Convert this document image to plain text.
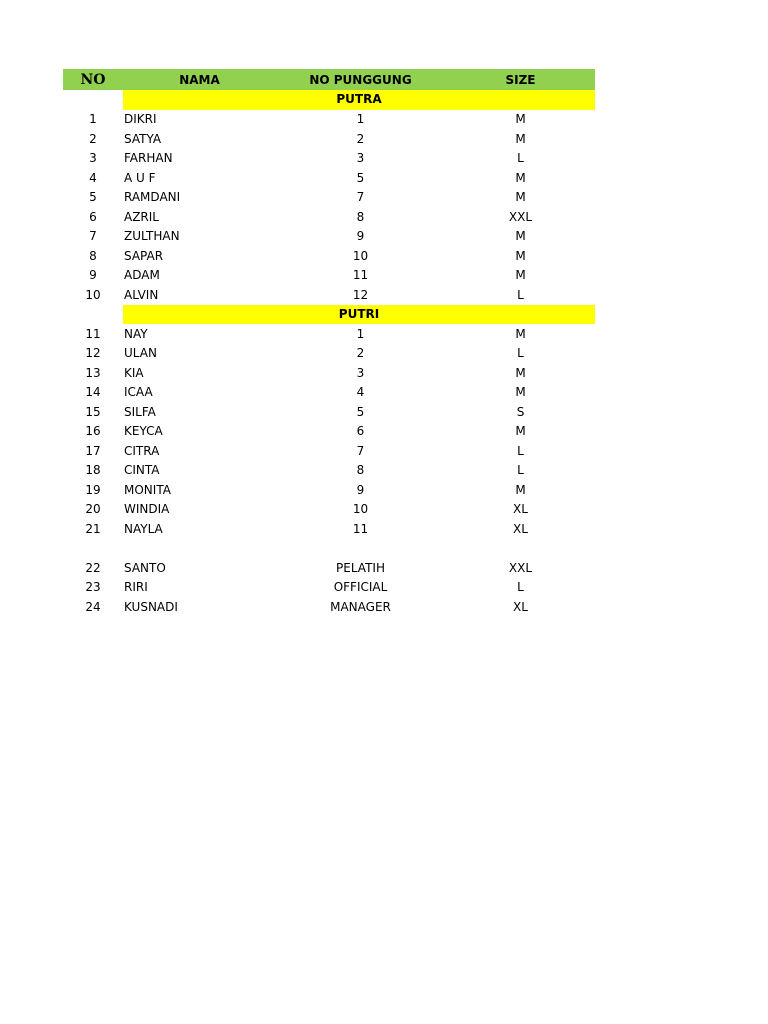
NO	NAMA	NO PUNGGUNG	SIZE
PUTRA
1	DIKRI	1	M
2	SATYA	2	M
3	FARHAN	3	L
4	A U F	5	M
5	RAMDANI	7	M
6	AZRIL	8	XXL
7	ZULTHAN	9	M
8	SAPAR	10	M
9	ADAM	11	M
10	ALVIN	12	L
PUTRI
11	NAY	1	M
12	ULAN	2	L
13	KIA	3	M
14	ICAA	4	M
15	SILFA	5	S
16	KEYCA	6	M
17	CITRA	7	L
18	CINTA	8	L
19	MONITA	9	M
20	WINDIA	10	XL
21	NAYLA	11	XL
22	SANTO	PELATIH	XXL
23	RIRI	OFFICIAL	L
24	KUSNADI	MANAGER	XL
